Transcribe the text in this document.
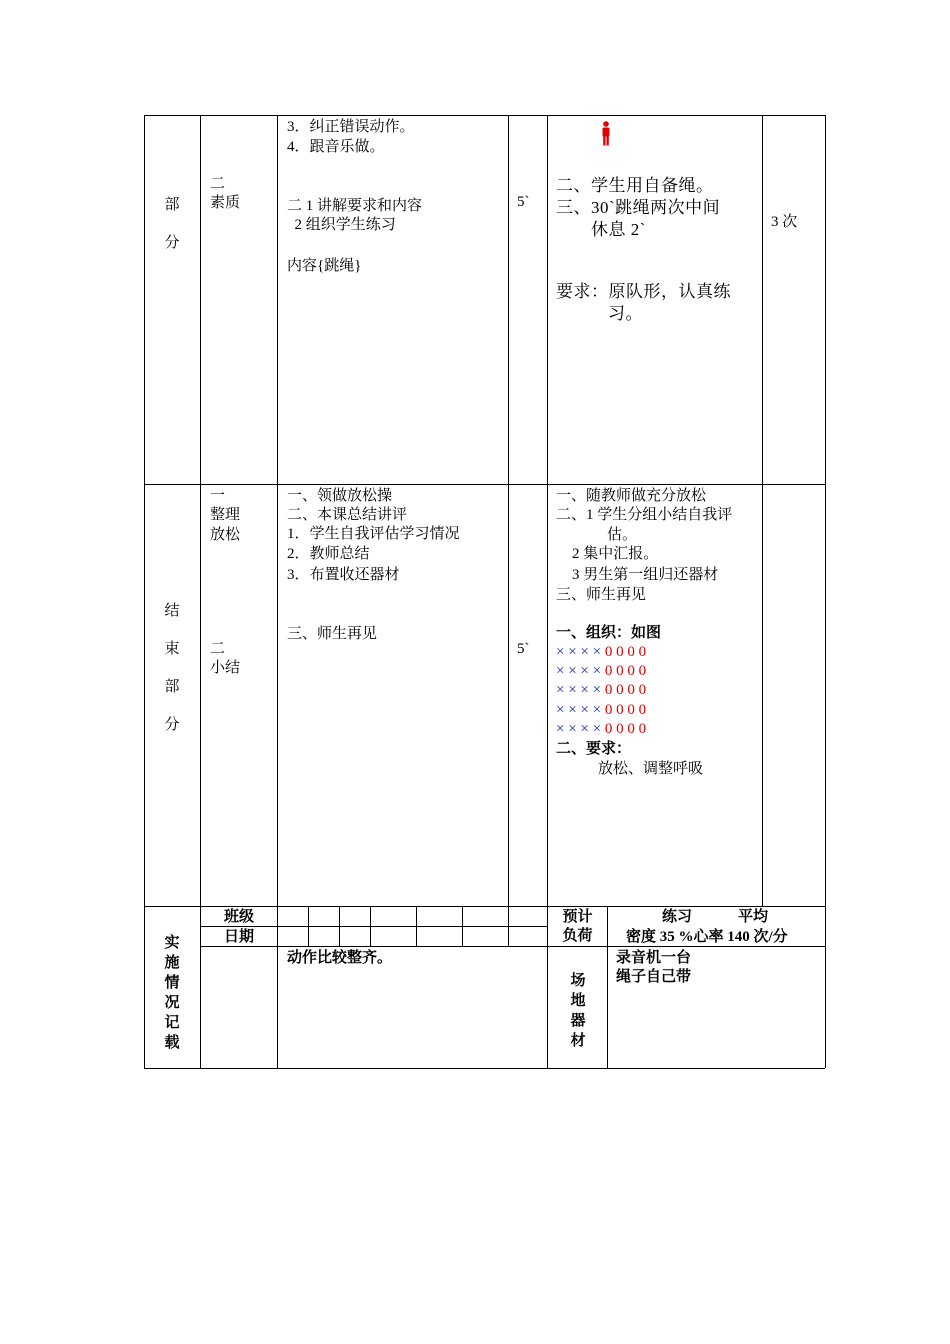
部
分
二
素质
3．纠正错误动作。
4．跟音乐做。
二 1 讲解要求和内容
2 组织学生练习
内容{跳绳}
5`
二、学生用自备绳。
三、30`跳绳两次中间
休息 2`
要求：原队形，认真练
习。
3 次
结
束
部
分
一
整理
放松
二
小结
一、领做放松操
二、本课总结讲评
1．学生自我评估学习情况
2．教师总结
3．布置收还器材
三、师生再见
5`
一、随教师做充分放松
二、1 学生分组小结自我评
估。
2 集中汇报。
3 男生第一组归还器材
三、师生再见
一、组织：如图
× × × × 0 0 0 0
× × × × 0 0 0 0
× × × × 0 0 0 0
× × × × 0 0 0 0
× × × × 0 0 0 0
二、要求：
放松、调整呼吸
实
施
情
况
记
载
班级
日期
预计
负荷
练习	平均
密度 35 %心率 140 次/分
动作比较整齐。
场
地
器
材
录音机一台
绳子自己带
